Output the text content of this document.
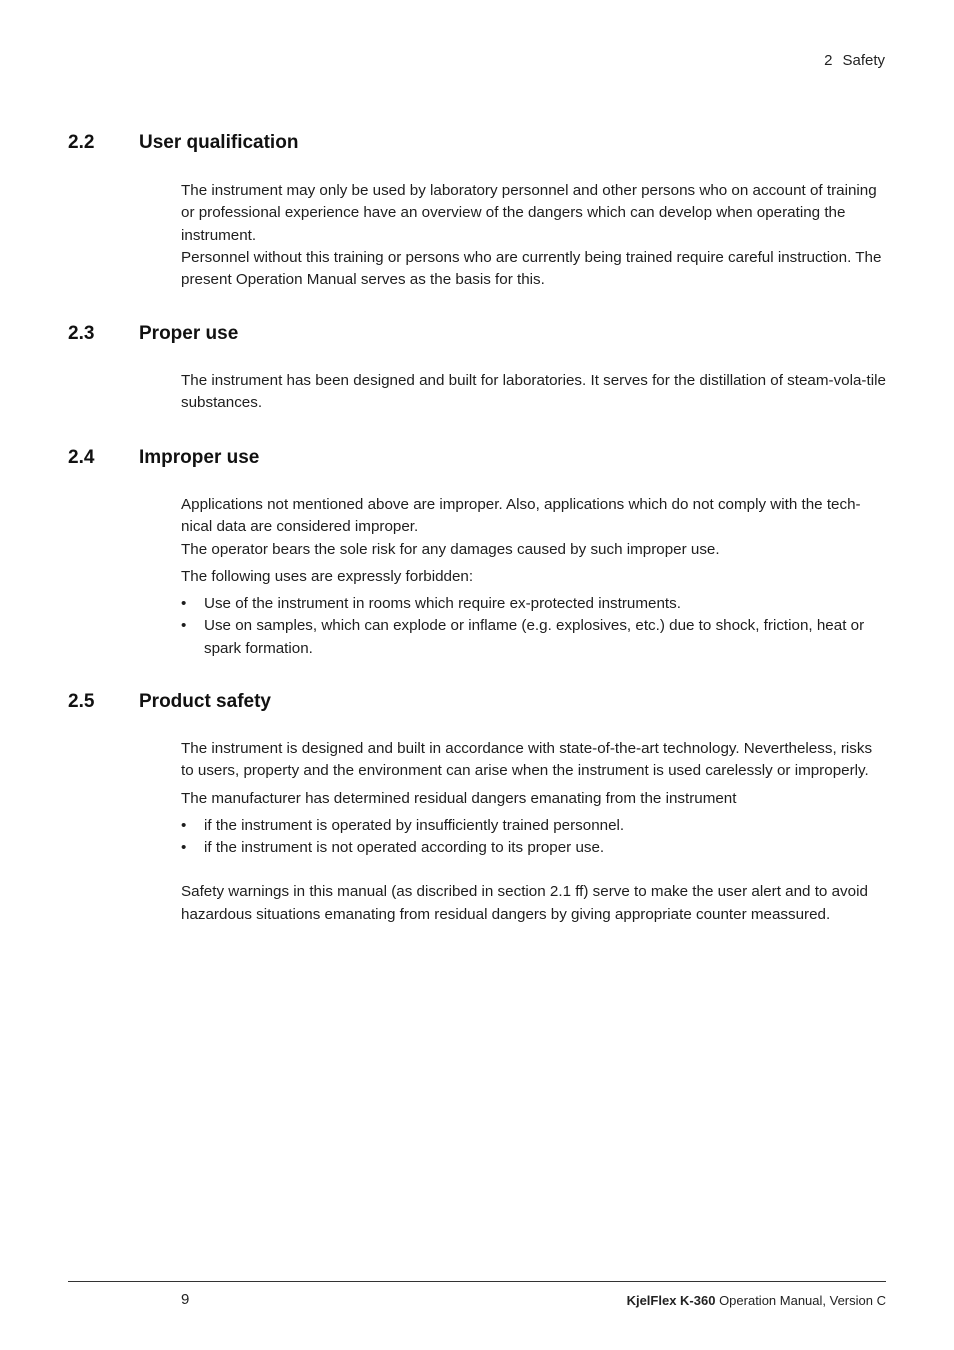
2 Safety
2.2 User qualification

The instrument may only be used by laboratory personnel and other persons who on account of training or professional experience have an overview of the dangers which can develop when operating the instrument.

Personnel without this training or persons who are currently being trained require careful instruction. The present Operation Manual serves as the basis for this.

2.3 Proper use

The instrument has been designed and built for laboratories. It serves for the distillation of steam-vola-tile substances.

2.4 Improper use

Applications not mentioned above are improper. Also, applications which do not comply with the tech-nical data are considered improper.

The operator bears the sole risk for any damages caused by such improper use.

The following uses are expressly forbidden:

• Use of the instrument in rooms which require ex-protected instruments.
• Use on samples, which can explode or inflame (e.g. explosives, etc.) due to shock, friction, heat or spark formation.
2.5 Product safety

The instrument is designed and built in accordance with state-of-the-art technology. Nevertheless, risks to users, property and the environment can arise when the instrument is used carelessly or improperly.

The manufacturer has determined residual dangers emanating from the instrument

• if the instrument is operated by insufficiently trained personnel.
• if the instrument is not operated according to its proper use.

Safety warnings in this manual (as discribed in section 2.1 ff) serve to make the user alert and to avoid hazardous situations emanating from residual dangers by giving appropriate counter meassured.

9	KjelFlex K-360 Operation Manual, Version C
